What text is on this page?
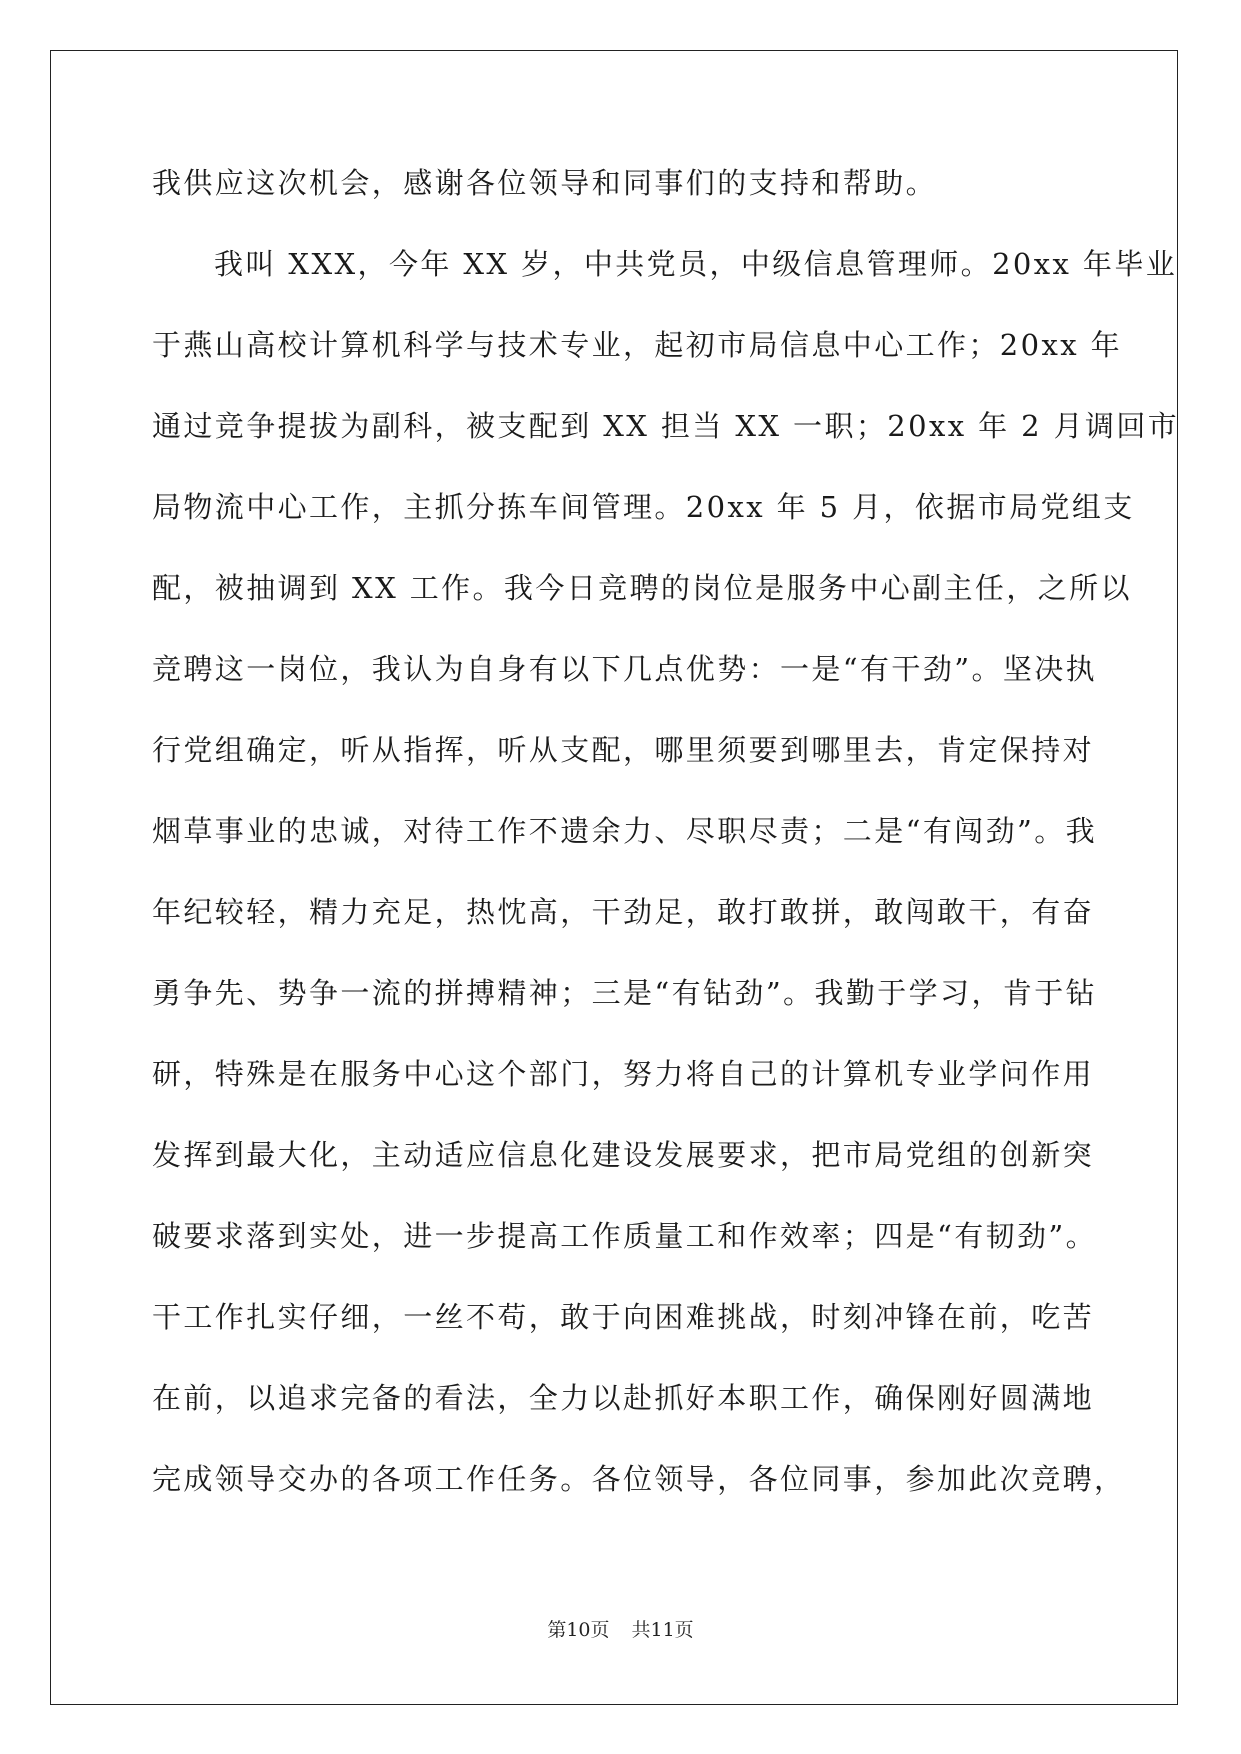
我供应这次机会，感谢各位领导和同事们的支持和帮助。
我叫 XXX，今年 XX 岁，中共党员，中级信息管理师。20xx 年毕业
于燕山高校计算机科学与技术专业，起初市局信息中心工作；20xx 年
通过竞争提拔为副科，被支配到 XX 担当 XX 一职；20xx 年 2 月调回市
局物流中心工作，主抓分拣车间管理。20xx 年 5 月，依据市局党组支
配，被抽调到 XX 工作。我今日竞聘的岗位是服务中心副主任，之所以
竞聘这一岗位，我认为自身有以下几点优势：一是“有干劲”。坚决执
行党组确定，听从指挥，听从支配，哪里须要到哪里去，肯定保持对
烟草事业的忠诚，对待工作不遗余力、尽职尽责；二是“有闯劲”。我
年纪较轻，精力充足，热忱高，干劲足，敢打敢拼，敢闯敢干，有奋
勇争先、势争一流的拼搏精神；三是“有钻劲”。我勤于学习，肯于钻
研，特殊是在服务中心这个部门，努力将自己的计算机专业学问作用
发挥到最大化，主动适应信息化建设发展要求，把市局党组的创新突
破要求落到实处，进一步提高工作质量工和作效率；四是“有韧劲”。
干工作扎实仔细，一丝不苟，敢于向困难挑战，时刻冲锋在前，吃苦
在前，以追求完备的看法，全力以赴抓好本职工作，确保刚好圆满地
完成领导交办的各项工作任务。各位领导，各位同事，参加此次竞聘，
第10页 共11页
